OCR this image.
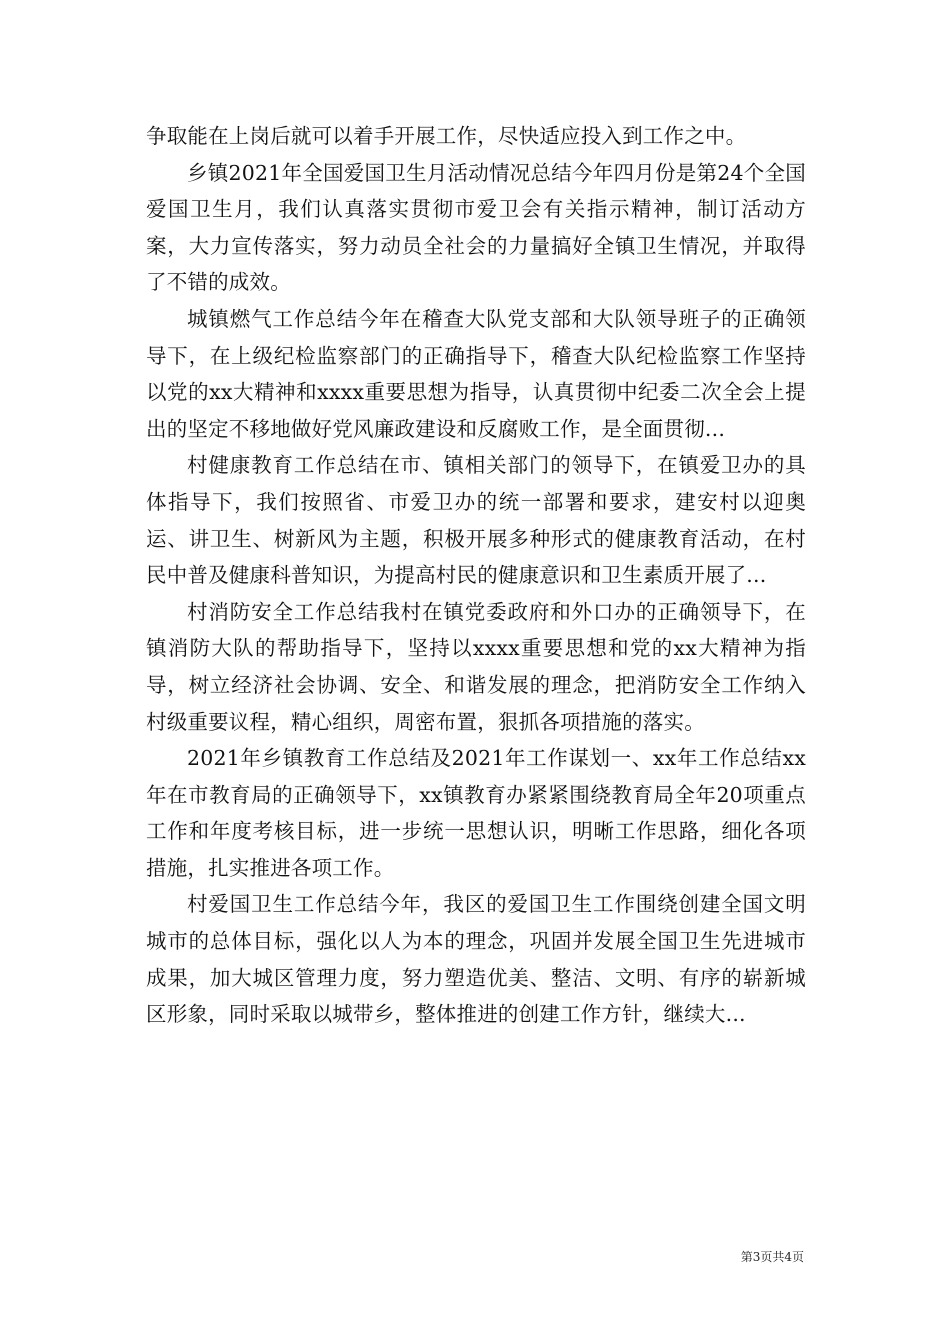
争取能在上岗后就可以着手开展工作，尽快适应投入到工作之中。

乡镇2021年全国爱国卫生月活动情况总结今年四月份是第24个全国爱国卫生月，我们认真落实贯彻市爱卫会有关指示精神，制订活动方案，大力宣传落实，努力动员全社会的力量搞好全镇卫生情况，并取得了不错的成效。

城镇燃气工作总结今年在稽查大队党支部和大队领导班子的正确领导下，在上级纪检监察部门的正确指导下，稽查大队纪检监察工作坚持以党的xx大精神和xxxx重要思想为指导，认真贯彻中纪委二次全会上提出的坚定不移地做好党风廉政建设和反腐败工作，是全面贯彻...

村健康教育工作总结在市、镇相关部门的领导下，在镇爱卫办的具体指导下，我们按照省、市爱卫办的统一部署和要求，建安村以迎奥运、讲卫生、树新风为主题，积极开展多种形式的健康教育活动，在村民中普及健康科普知识，为提高村民的健康意识和卫生素质开展了...

村消防安全工作总结我村在镇党委政府和外口办的正确领导下，在镇消防大队的帮助指导下，坚持以xxxx重要思想和党的xx大精神为指导，树立经济社会协调、安全、和谐发展的理念，把消防安全工作纳入村级重要议程，精心组织，周密布置，狠抓各项措施的落实。

2021年乡镇教育工作总结及2021年工作谋划一、xx年工作总结xx年在市教育局的正确领导下，xx镇教育办紧紧围绕教育局全年20项重点工作和年度考核目标，进一步统一思想认识，明晰工作思路，细化各项措施，扎实推进各项工作。

村爱国卫生工作总结今年，我区的爱国卫生工作围绕创建全国文明城市的总体目标，强化以人为本的理念，巩固并发展全国卫生先进城市成果，加大城区管理力度，努力塑造优美、整洁、文明、有序的崭新城区形象，同时采取以城带乡，整体推进的创建工作方针，继续大...

第3页共4页
